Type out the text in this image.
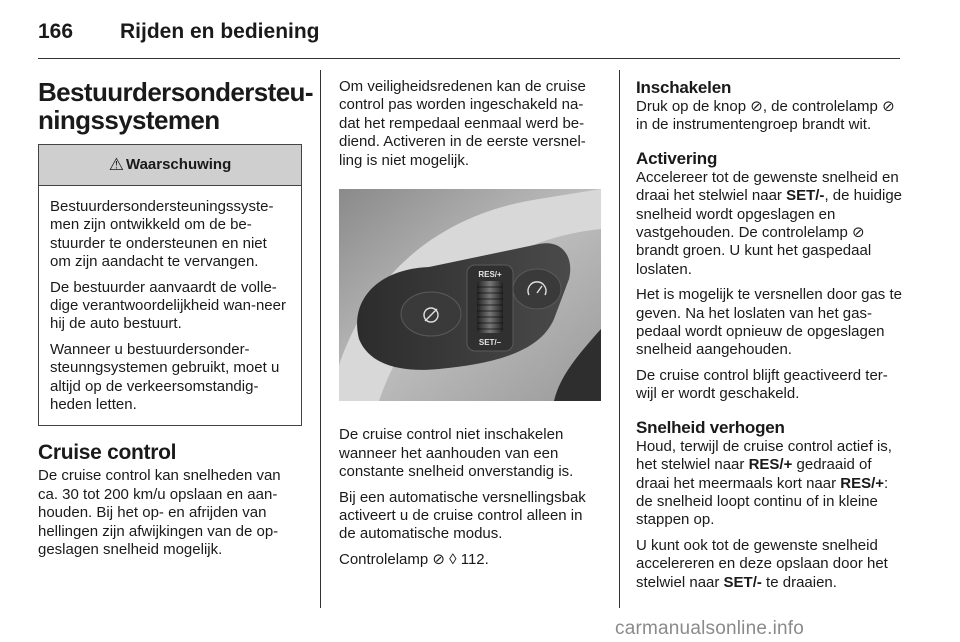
166 Rijden en bediening
Bestuurdersondersteu-
ningssystemen
⚠ Waarschuwing

Bestuurdersondersteuningssyste-men zijn ontwikkeld om de be-stuurder te ondersteunen en niet om zijn aandacht te vervangen.

De bestuurder aanvaardt de volle-dige verantwoordelijkheid wan-neer hij de auto bestuurt.

Wanneer u bestuurdersonder-steunngsystemen gebruikt, moet u altijd op de verkeersomstandig-heden letten.

Cruise control

De cruise control kan snelheden van ca. 30 tot 200 km/u opslaan en aan-houden. Bij het op- en afrijden van hellingen zijn afwijkingen van de op-geslagen snelheid mogelijk.

Om veiligheidsredenen kan de cruise control pas worden ingeschakeld na-dat het rempedaal eenmaal werd be-diend. Activeren in de eerste versnel-ling is niet mogelijk.

RES/+
SET/–

De cruise control niet inschakelen wanneer het aanhouden van een constante snelheid onverstandig is.

Bij een automatische versnellingsbak activeert u de cruise control alleen in de automatische modus.

Controlelamp ⊘ ◊ 112.

Inschakelen

Druk op de knop ⊘, de controlelamp ⊘ in de instrumentengroep brandt wit.

Activering

Accelereer tot de gewenste snelheid en draai het stelwiel naar SET/-, de huidige snelheid wordt opgeslagen en vastgehouden. De controlelamp ⊘ brandt groen. U kunt het gaspedaal loslaten.

Het is mogelijk te versnellen door gas te geven. Na het loslaten van het gas-pedaal wordt opnieuw de opgeslagen snelheid aangehouden.

De cruise control blijft geactiveerd ter-wijl er wordt geschakeld.

Snelheid verhogen

Houd, terwijl de cruise control actief is, het stelwiel naar RES/+ gedraaid of draai het meermaals kort naar RES/+: de snelheid loopt continu of in kleine stappen op.

U kunt ook tot de gewenste snelheid accelereren en deze opslaan door het stelwiel naar SET/- te draaien.

carmanualsonline.info
